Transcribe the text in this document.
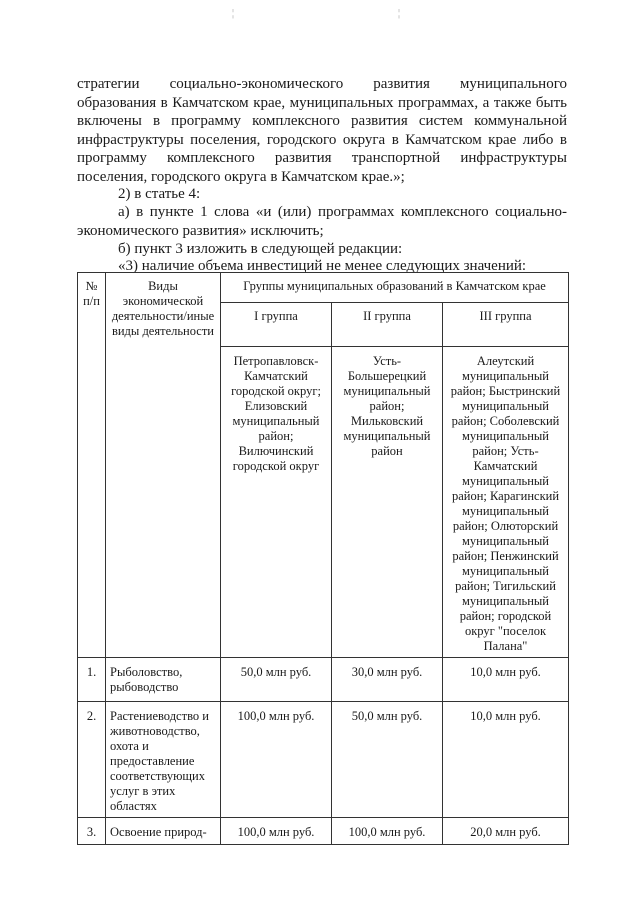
¦	¦
стратегии социально-экономического развития муниципального образования в Камчатском крае, муниципальных программах, а также быть включены в программу комплексного развития систем коммунальной инфраструктуры поселения, городского округа в Камчатском крае либо в программу комплексного развития транспортной инфраструктуры поселения, городского округа в Камчатском крае.»;
2) в статье 4:
а) в пункте 1 слова «и (или) программах комплексного социально-экономического развития» исключить;
б) пункт 3 изложить в следующей редакции:
«3) наличие объема инвестиций не менее следующих значений:
№ п/п	Виды экономической деятельности/иные виды деятельности	Группы муниципальных образований в Камчатском крае		
		I группа	II группа	III группа
		Петропавловск-Камчатский городской округ; Елизовский муниципальный район; Вилючинский городской округ	Усть-Большерецкий муниципальный район; Мильковский муниципальный район	Алеутский муниципальный район; Быстринский муниципальный район; Соболевский муниципальный район; Усть-Камчатский муниципальный район; Карагинский муниципальный район; Олюторский муниципальный район; Пенжинский муниципальный район; Тигильский муниципальный район; городской округ "поселок Палана"
1.	Рыболовство, рыбоводство	50,0 млн руб.	30,0 млн руб.	10,0 млн руб.
2.	Растениеводство и животноводство, охота и предоставление соответствующих услуг в этих областях	100,0 млн руб.	50,0 млн руб.	10,0 млн руб.
3.	Освоение природ-	100,0 млн руб.	100,0 млн руб.	20,0 млн руб.
